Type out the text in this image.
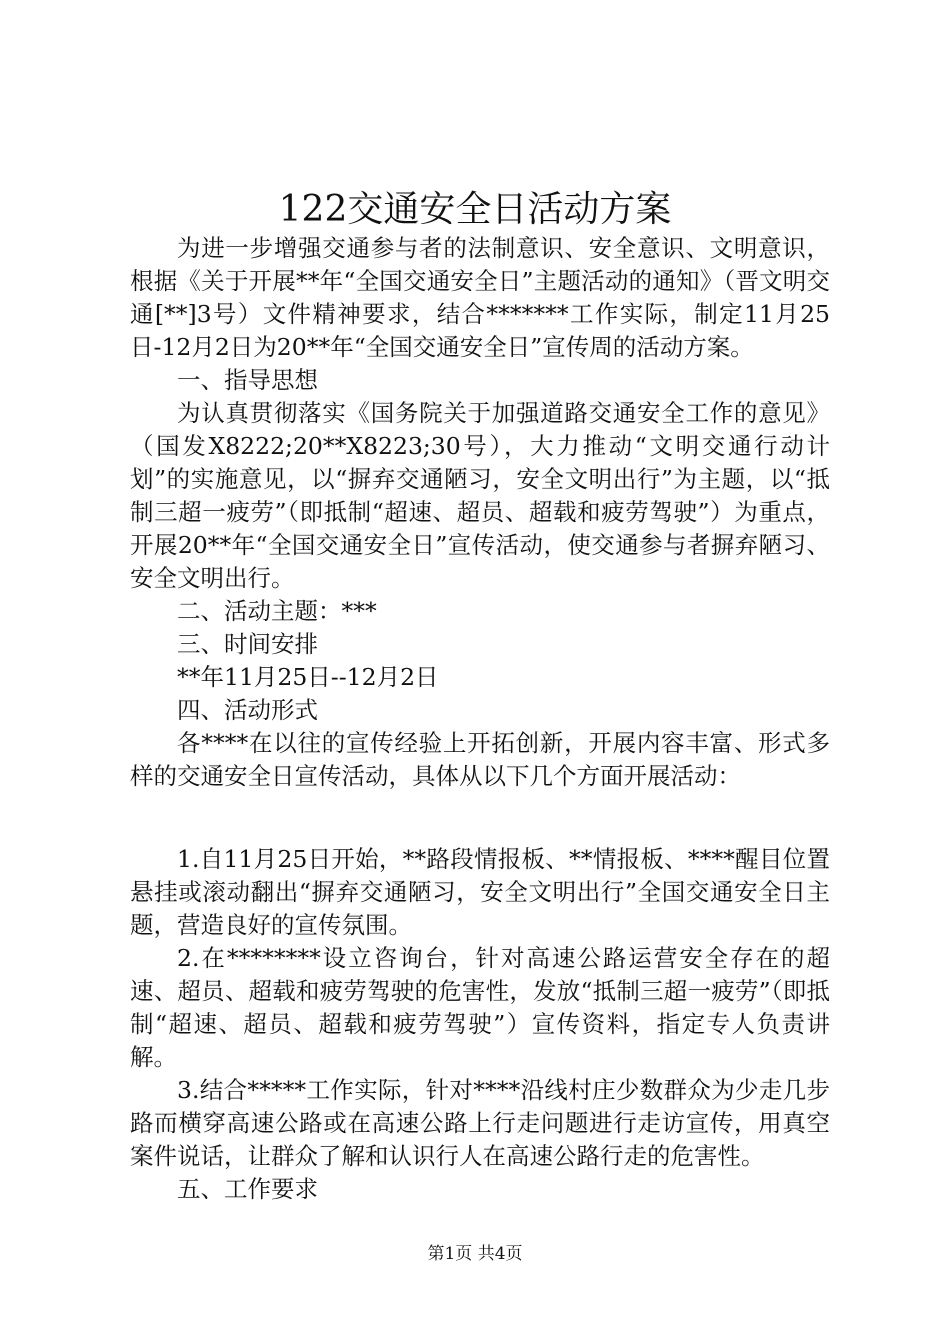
122交通安全日活动方案

为进一步增强交通参与者的法制意识、安全意识、文明意识，根据《关于开展**年“全国交通安全日”主题活动的通知》（晋文明交通[**]3号）文件精神要求，结合*******工作实际，制定11月25日-12月2日为20**年“全国交通安全日”宣传周的活动方案。

一、指导思想

为认真贯彻落实《国务院关于加强道路交通安全工作的意见》（国发X8222;20**X8223;30号），大力推动“文明交通行动计划”的实施意见，以“摒弃交通陋习，安全文明出行”为主题，以“抵制三超一疲劳”（即抵制“超速、超员、超载和疲劳驾驶”）为重点，开展20**年“全国交通安全日”宣传活动，使交通参与者摒弃陋习、安全文明出行。

二、活动主题：***

三、时间安排

**年11月25日--12月2日

四、活动形式

各****在以往的宣传经验上开拓创新，开展内容丰富、形式多样的交通安全日宣传活动，具体从以下几个方面开展活动：

1.自11月25日开始，**路段情报板、**情报板、****醒目位置悬挂或滚动翻出“摒弃交通陋习，安全文明出行”全国交通安全日主题，营造良好的宣传氛围。

2.在********设立咨询台，针对高速公路运营安全存在的超速、超员、超载和疲劳驾驶的危害性，发放“抵制三超一疲劳”（即抵制“超速、超员、超载和疲劳驾驶”）宣传资料，指定专人负责讲解。

3.结合*****工作实际，针对****沿线村庄少数群众为少走几步路而横穿高速公路或在高速公路上行走问题进行走访宣传，用真空案件说话，让群众了解和认识行人在高速公路行走的危害性。

五、工作要求

第1页 共4页
